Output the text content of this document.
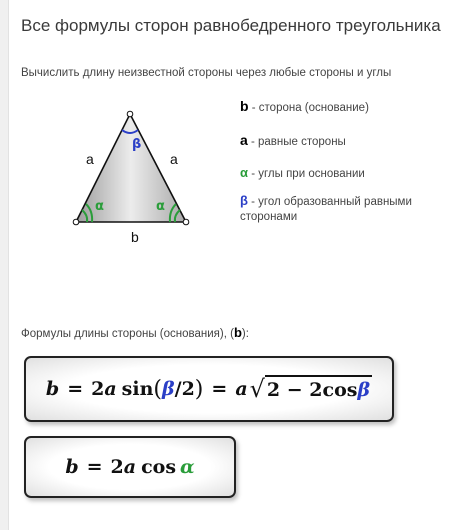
Все формулы сторон равнобедренного треугольника
Вычислить длину неизвестной стороны через любые стороны и углы
a	a
b
β
α	α
b - сторона (основание)
a - равные стороны
α - углы при основании
β - угол образованный равными сторонами
Формулы длины стороны (основания), (b):
b = 2 a sin ( β /2 ) = a √ 2 − 2cosβ
b = 2 a cos α
